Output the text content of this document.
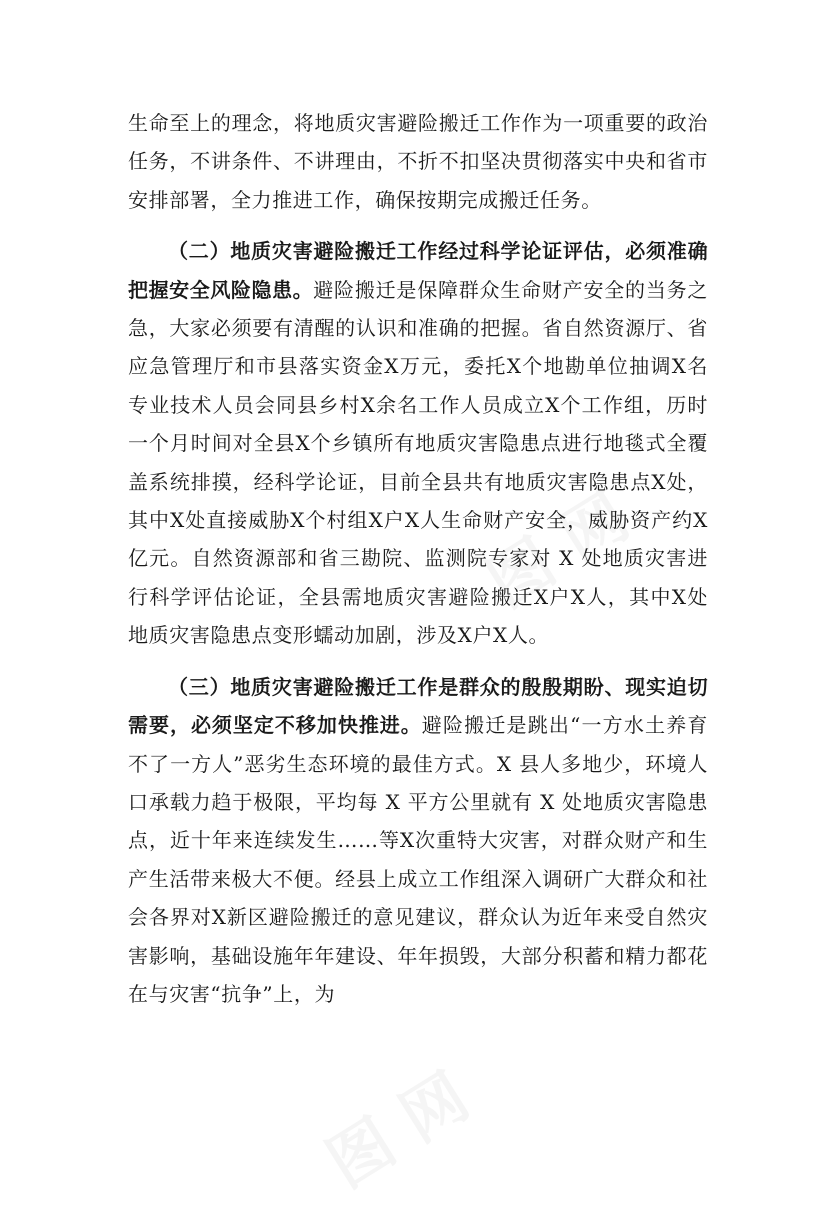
图 网
图 网

生命至上的理念，将地质灾害避险搬迁工作作为一项重要的政治任务，不讲条件、不讲理由，不折不扣坚决贯彻落实中央和省市安排部署，全力推进工作，确保按期完成搬迁任务。

（二）地质灾害避险搬迁工作经过科学论证评估，必须准确把握安全风险隐患。避险搬迁是保障群众生命财产安全的当务之急，大家必须要有清醒的认识和准确的把握。省自然资源厅、省应急管理厅和市县落实资金X万元，委托X个地勘单位抽调X名专业技术人员会同县乡村X余名工作人员成立X个工作组，历时一个月时间对全县X个乡镇所有地质灾害隐患点进行地毯式全覆盖系统排摸，经科学论证，目前全县共有地质灾害隐患点X处，其中X处直接威胁X个村组X户X人生命财产安全，威胁资产约X亿元。自然资源部和省三勘院、监测院专家对 X 处地质灾害进行科学评估论证，全县需地质灾害避险搬迁X户X人，其中X处地质灾害隐患点变形蠕动加剧，涉及X户X人。

（三）地质灾害避险搬迁工作是群众的殷殷期盼、现实迫切需要，必须坚定不移加快推进。避险搬迁是跳出“一方水土养育不了一方人”恶劣生态环境的最佳方式。X 县人多地少，环境人口承载力趋于极限，平均每 X 平方公里就有 X 处地质灾害隐患点，近十年来连续发生……等X次重特大灾害，对群众财产和生产生活带来极大不便。经县上成立工作组深入调研广大群众和社会各界对X新区避险搬迁的意见建议，群众认为近年来受自然灾害影响，基础设施年年建设、年年损毁，大部分积蓄和精力都花在与灾害“抗争”上，为
